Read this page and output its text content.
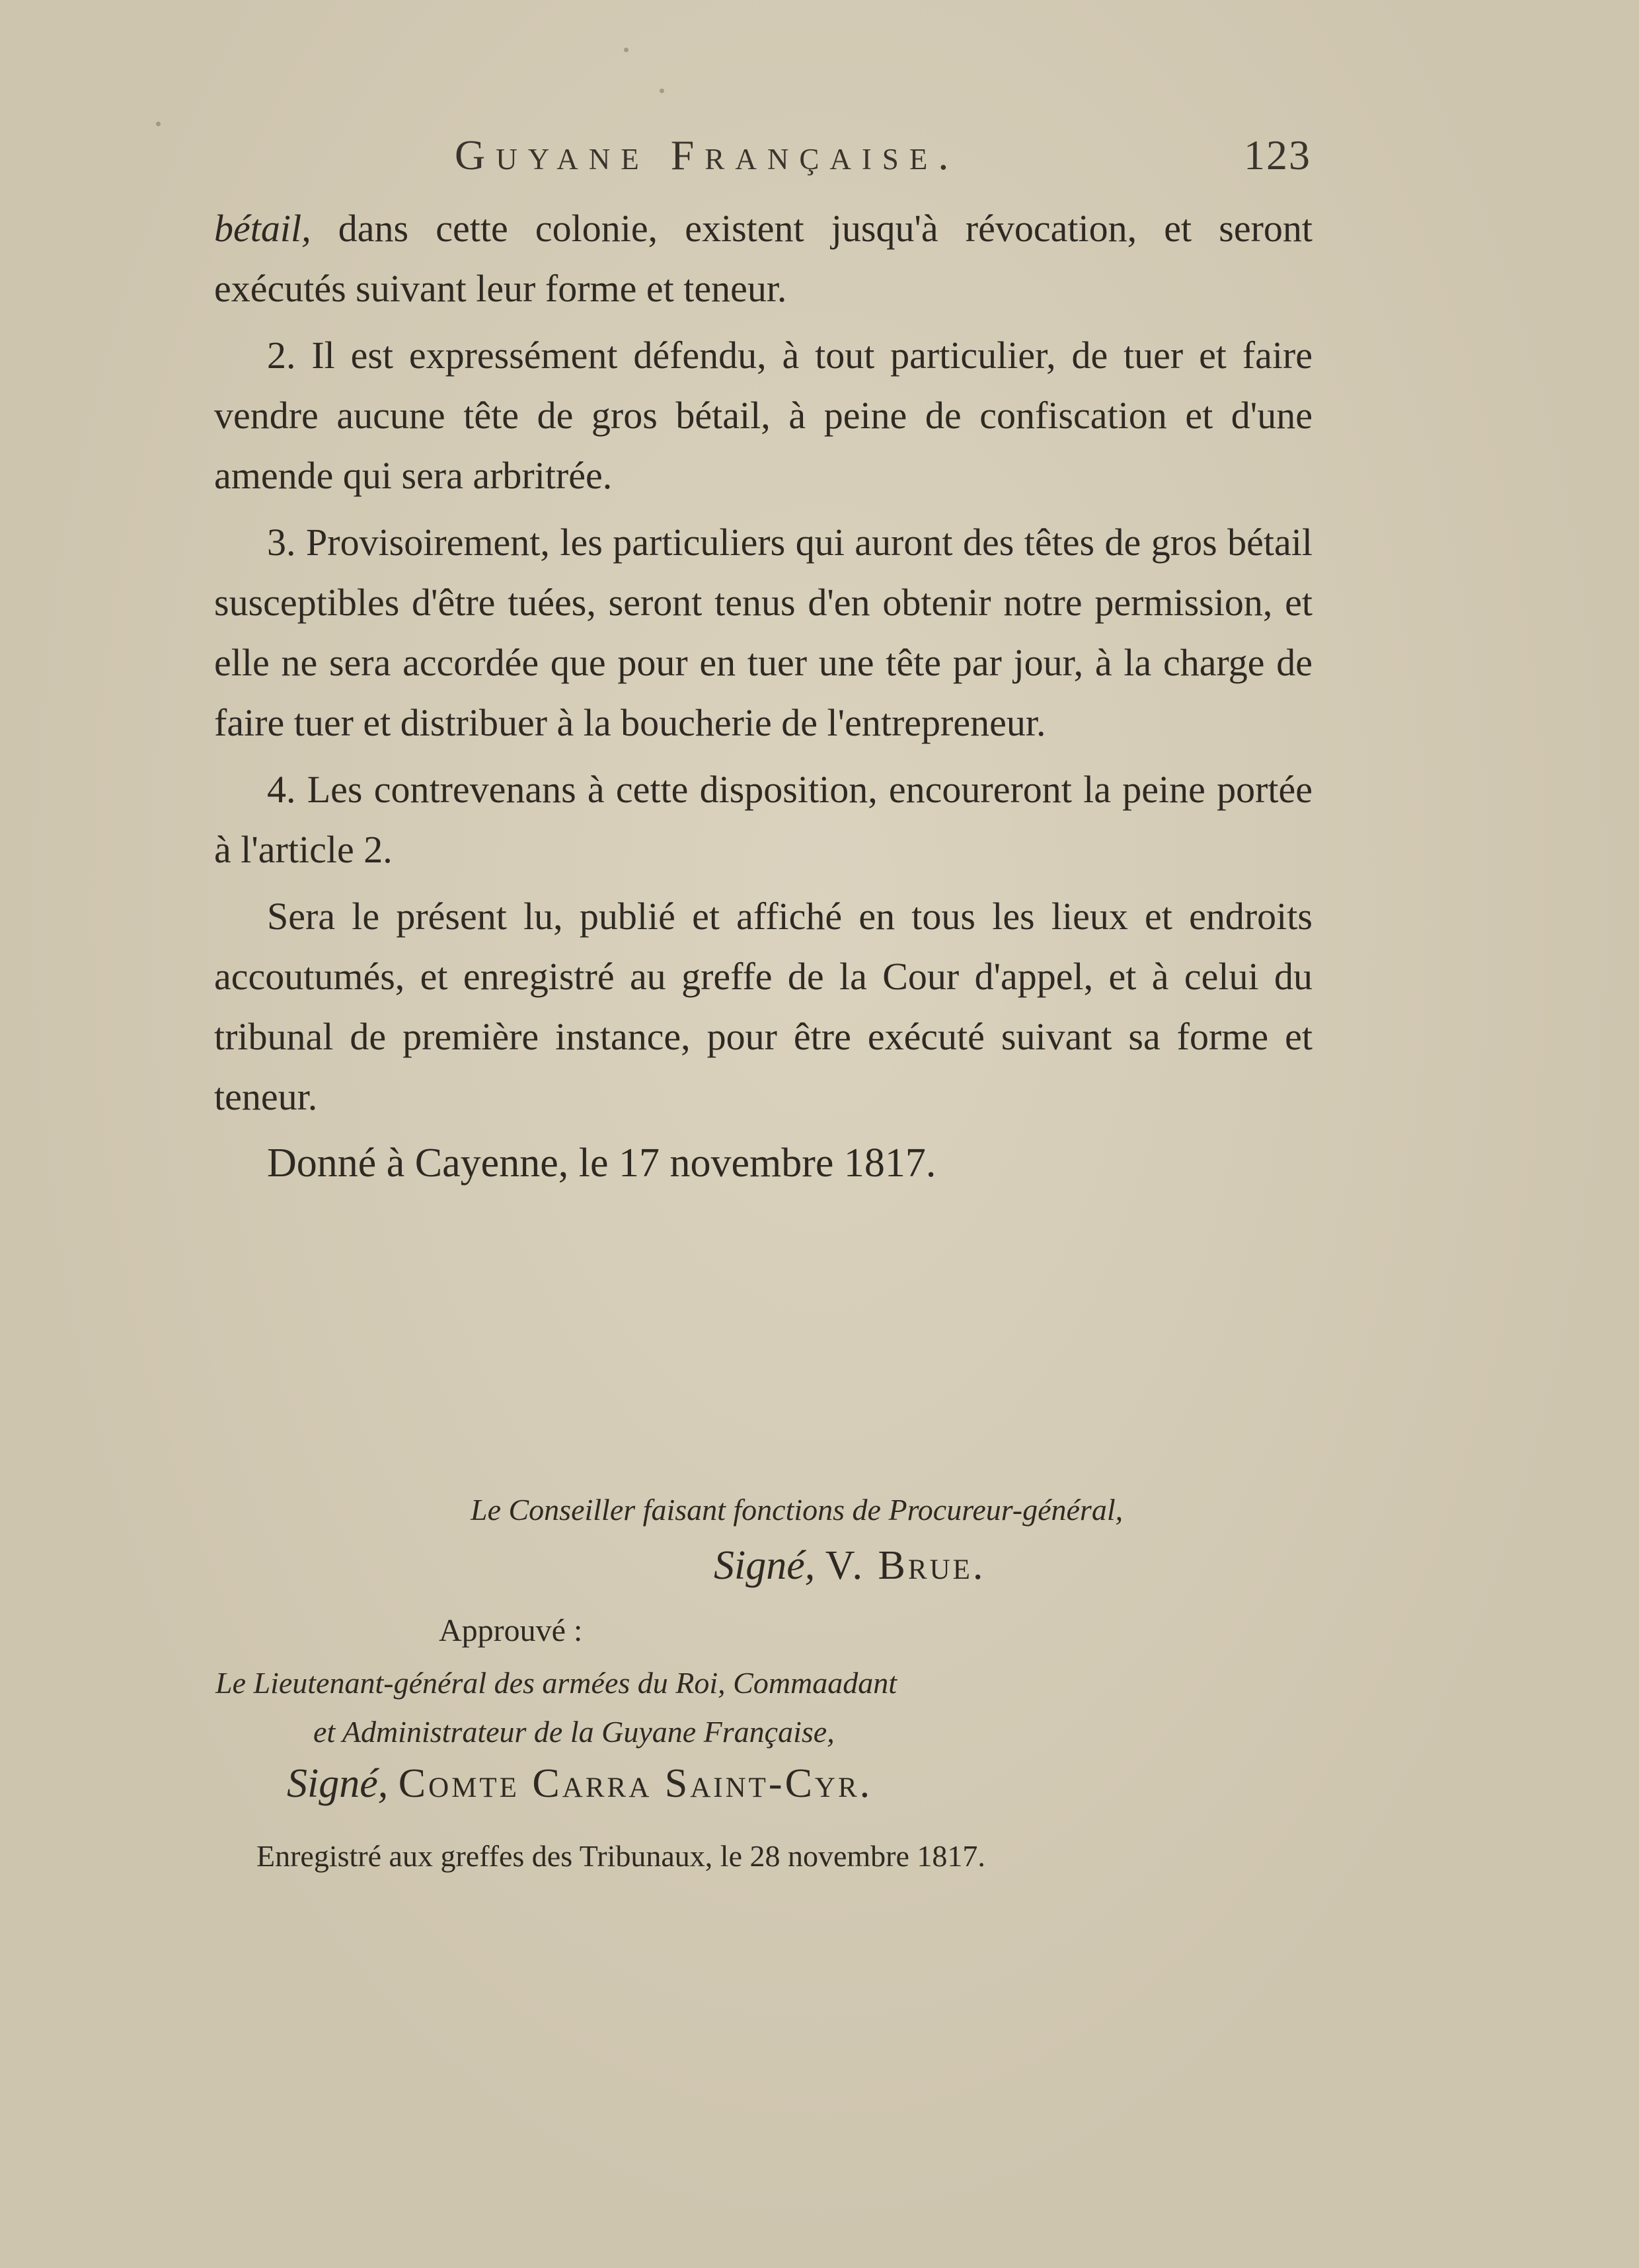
Guyane Française.	123

bétail, dans cette colonie, existent jusqu'à révocation, et seront exécutés suivant leur forme et teneur.

2. Il est expressément défendu, à tout particulier, de tuer et faire vendre aucune tête de gros bétail, à peine de confiscation et d'une amende qui sera arbritrée.

3. Provisoirement, les particuliers qui auront des têtes de gros bétail susceptibles d'être tuées, seront tenus d'en obtenir notre permission, et elle ne sera accordée que pour en tuer une tête par jour, à la charge de faire tuer et distribuer à la boucherie de l'entrepreneur.

4. Les contrevenans à cette disposition, encoureront la peine portée à l'article 2.

Sera le présent lu, publié et affiché en tous les lieux et endroits accoutumés, et enregistré au greffe de la Cour d'appel, et à celui du tribunal de première instance, pour être exécuté suivant sa forme et teneur.

Donné à Cayenne, le 17 novembre 1817.

Le Conseiller faisant fonctions de Procureur-général,
Signé, V. Brue.
Approuvé :
Le Lieutenant-général des armées du Roi, Commaadant
et Administrateur de la Guyane Française,
Signé, Comte Carra Saint-Cyr.
Enregistré aux greffes des Tribunaux, le 28 novembre 1817.
